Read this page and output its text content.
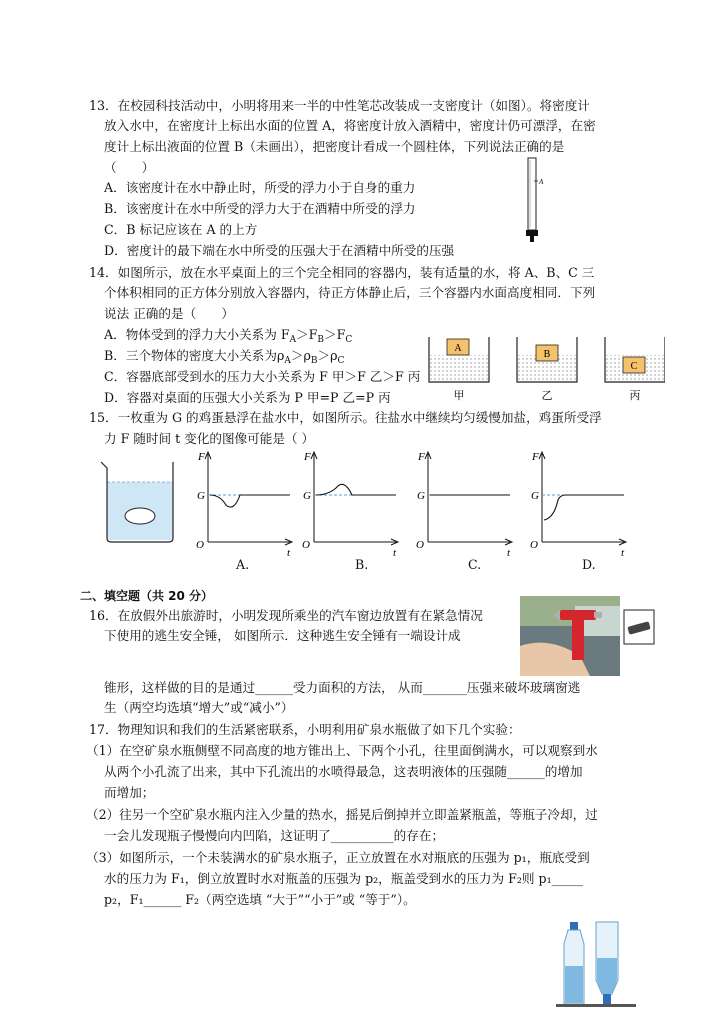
13．在校园科技活动中，小明将用来一半的中性笔芯改装成一支密度计（如图）。将密度计
放入水中，在密度计上标出水面的位置 A，将密度计放入酒精中，密度计仍可漂浮，在密
度计上标出液面的位置 B（未画出），把密度计看成一个圆柱体，下列说法正确的是
（　　）
A．该密度计在水中静止时，所受的浮力小于自身的重力
B．该密度计在水中所受的浮力大于在酒精中所受的浮力
C．B 标记应该在 A 的上方
D．密度计的最下端在水中所受的压强大于在酒精中所受的压强
A
14．如图所示，放在水平桌面上的三个完全相同的容器内，装有适量的水，将 A、B、C 三
个体积相同的正方体分别放入容器内，待正方体静止后，三个容器内水面高度相同．下列
说法 正确的是（　　）
A．物体受到的浮力大小关系为 $F_A>F_B>F_C$
B．三个物体的密度大小关系为$\rho_A>\rho_B>\rho_C$
C．容器底部受到水的压力大小关系为 F 甲＞F 乙＞F 丙
D．容器对桌面的压强大小关系为 P 甲=P 乙=P 丙
A
B
C
甲	乙	丙
15．一枚重为 G 的鸡蛋悬浮在盐水中，如图所示。往盐水中继续均匀缓慢加盐，鸡蛋所受浮
力 F 随时间 t 变化的图像可能是（ ）
F
G
O
t
F
G
O
t
F
G
O
t
F
G
O
t
A.	B.	C.	D.
二、填空题（共 20 分）
16．在放假外出旅游时，小明发现所乘坐的汽车窗边放置有在紧急情况
下使用的逃生安全锤， 如图所示．这种逃生安全锤有一端设计成
锥形，这样做的目的是通过______受力面积的方法， 从而_______压强来破坏玻璃窗逃
生（两空均选填“增大”或“减小”）
17．物理知识和我们的生活紧密联系，小明利用矿泉水瓶做了如下几个实验：
（1）在空矿泉水瓶侧壁不同高度的地方锥出上、下两个小孔，往里面倒满水，可以观察到水
从两个小孔流了出来，其中下孔流出的水喷得最急，这表明液体的压强随______的增加
而增加；
（2）往另一个空矿泉水瓶内注入少量的热水，摇晃后倒掉并立即盖紧瓶盖，等瓶子冷却，过
一会儿发现瓶子慢慢向内凹陷，这证明了__________的存在；
（3）如图所示，一个未装满水的矿泉水瓶子，正立放置在水对瓶底的压强为 p₁，瓶底受到
水的压力为 F₁，倒立放置时水对瓶盖的压强为 p₂，瓶盖受到水的压力为 F₂则 p₁_____
p₂，F₁______ F₂（两空选填 “大于”“小于”或 “等于”）。
